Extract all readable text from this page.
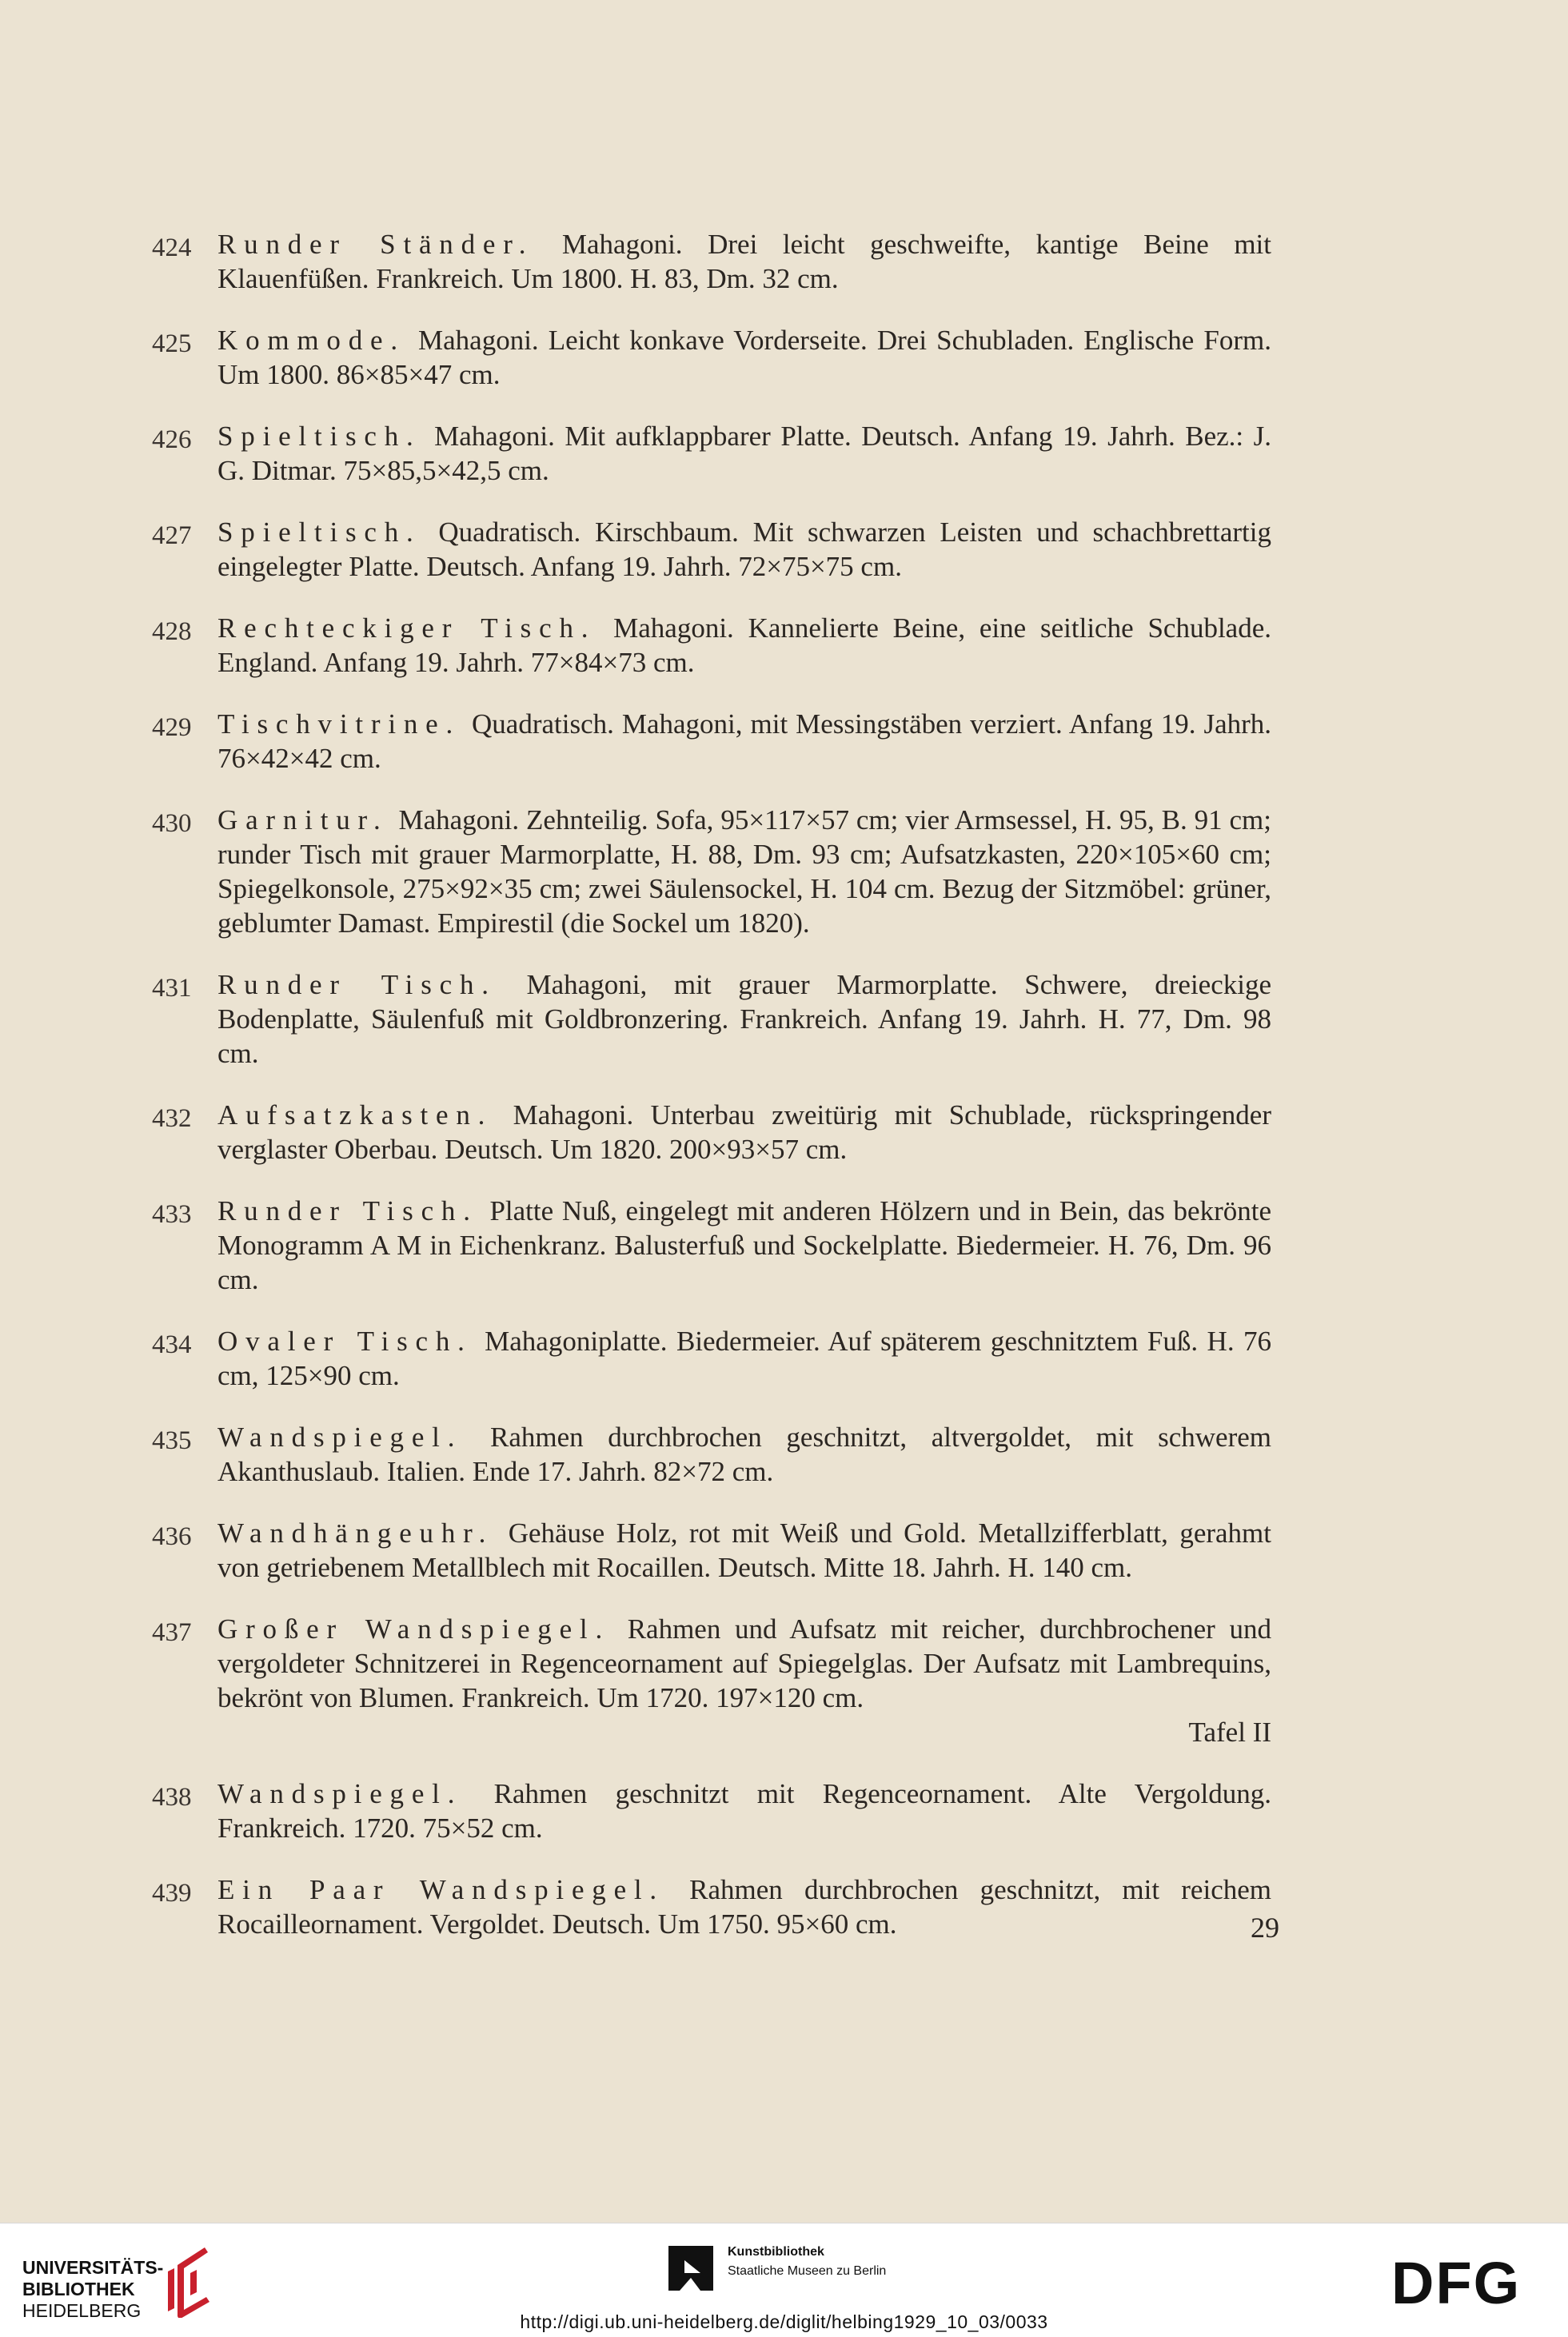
424 Runder Ständer. Mahagoni. Drei leicht geschweifte, kantige Beine mit Klauenfüßen. Frankreich. Um 1800. H. 83, Dm. 32 cm.
425 Kommode. Mahagoni. Leicht konkave Vorderseite. Drei Schubladen. Englische Form. Um 1800. 86×85×47 cm.
426 Spieltisch. Mahagoni. Mit aufklappbarer Platte. Deutsch. Anfang 19. Jahrh. Bez.: J. G. Ditmar. 75×85,5×42,5 cm.
427 Spieltisch. Quadratisch. Kirschbaum. Mit schwarzen Leisten und schachbrettartig eingelegter Platte. Deutsch. Anfang 19. Jahrh. 72×75×75 cm.
428 Rechteckiger Tisch. Mahagoni. Kannelierte Beine, eine seitliche Schublade. England. Anfang 19. Jahrh. 77×84×73 cm.
429 Tischvitrine. Quadratisch. Mahagoni, mit Messingstäben verziert. Anfang 19. Jahrh. 76×42×42 cm.
430 Garnitur. Mahagoni. Zehnteilig. Sofa, 95×117×57 cm; vier Armsessel, H. 95, B. 91 cm; runder Tisch mit grauer Marmorplatte, H. 88, Dm. 93 cm; Aufsatzkasten, 220×105×60 cm; Spiegelkonsole, 275×92×35 cm; zwei Säulensockel, H. 104 cm. Bezug der Sitzmöbel: grüner, geblumter Damast. Empirestil (die Sockel um 1820).
431 Runder Tisch. Mahagoni, mit grauer Marmorplatte. Schwere, dreieckige Bodenplatte, Säulenfuß mit Goldbronzering. Frankreich. Anfang 19. Jahrh. H. 77, Dm. 98 cm.
432 Aufsatzkasten. Mahagoni. Unterbau zweitürig mit Schublade, rückspringender verglaster Oberbau. Deutsch. Um 1820. 200×93×57 cm.
433 Runder Tisch. Platte Nuß, eingelegt mit anderen Hölzern und in Bein, das bekrönte Monogramm A M in Eichenkranz. Balusterfuß und Sockelplatte. Biedermeier. H. 76, Dm. 96 cm.
434 Ovaler Tisch. Mahagoniplatte. Biedermeier. Auf späterem geschnitztem Fuß. H. 76 cm, 125×90 cm.
435 Wandspiegel. Rahmen durchbrochen geschnitzt, altvergoldet, mit schwerem Akanthuslaub. Italien. Ende 17. Jahrh. 82×72 cm.
436 Wandhängeuhr. Gehäuse Holz, rot mit Weiß und Gold. Metallzifferblatt, gerahmt von getriebenem Metallblech mit Rocaillen. Deutsch. Mitte 18. Jahrh. H. 140 cm.
437 Großer Wandspiegel. Rahmen und Aufsatz mit reicher, durchbrochener und vergoldeter Schnitzerei in Regenceornament auf Spiegelglas. Der Aufsatz mit Lambrequins, bekrönt von Blumen. Frankreich. Um 1720. 197×120 cm.
Tafel II
438 Wandspiegel. Rahmen geschnitzt mit Regenceornament. Alte Vergoldung. Frankreich. 1720. 75×52 cm.
439 Ein Paar Wandspiegel. Rahmen durchbrochen geschnitzt, mit reichem Rocailleornament. Vergoldet. Deutsch. Um 1750. 95×60 cm.	29
UNIVERSITÄTS-
BIBLIOTHEK
HEIDELBERG
Kunstbibliothek
Staatliche Museen zu Berlin	DFG
http://digi.ub.uni-heidelberg.de/diglit/helbing1929_10_03/0033
